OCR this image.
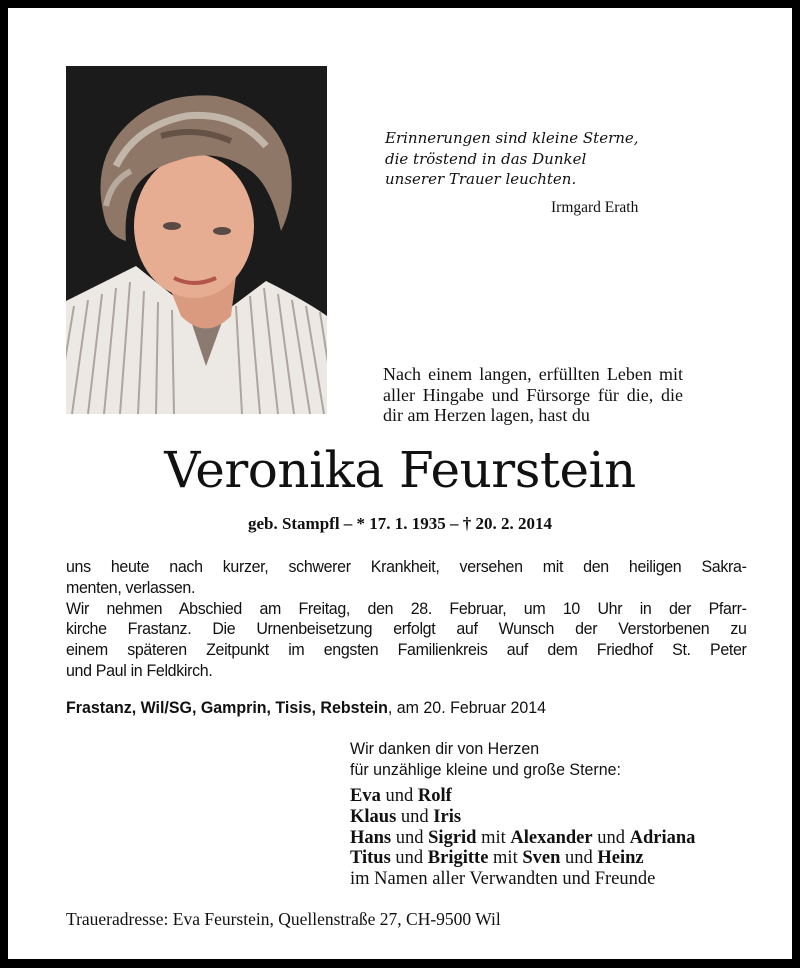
Erinnerungen sind kleine Sterne,
die tröstend in das Dunkel
unserer Trauer leuchten.
Irmgard Erath
Nach einem langen, erfüllten Leben mit
aller Hingabe und Fürsorge für die, die
dir am Herzen lagen, hast du
Veronika Feurstein
geb. Stampfl – * 17. 1. 1935 – † 20. 2. 2014
uns heute nach kurzer, schwerer Krankheit, versehen mit den heiligen Sakra-
menten, verlassen.
Wir nehmen Abschied am Freitag, den 28. Februar, um 10 Uhr in der Pfarr-
kirche Frastanz. Die Urnenbeisetzung erfolgt auf Wunsch der Verstorbenen zu
einem späteren Zeitpunkt im engsten Familienkreis auf dem Friedhof St. Peter
und Paul in Feldkirch.
Frastanz, Wil/SG, Gamprin, Tisis, Rebstein, am 20. Februar 2014
Wir danken dir von Herzen
für unzählige kleine und große Sterne:
Eva und Rolf
Klaus und Iris
Hans und Sigrid mit Alexander und Adriana
Titus und Brigitte mit Sven und Heinz
im Namen aller Verwandten und Freunde
Traueradresse: Eva Feurstein, Quellenstraße 27, CH-9500 Wil
